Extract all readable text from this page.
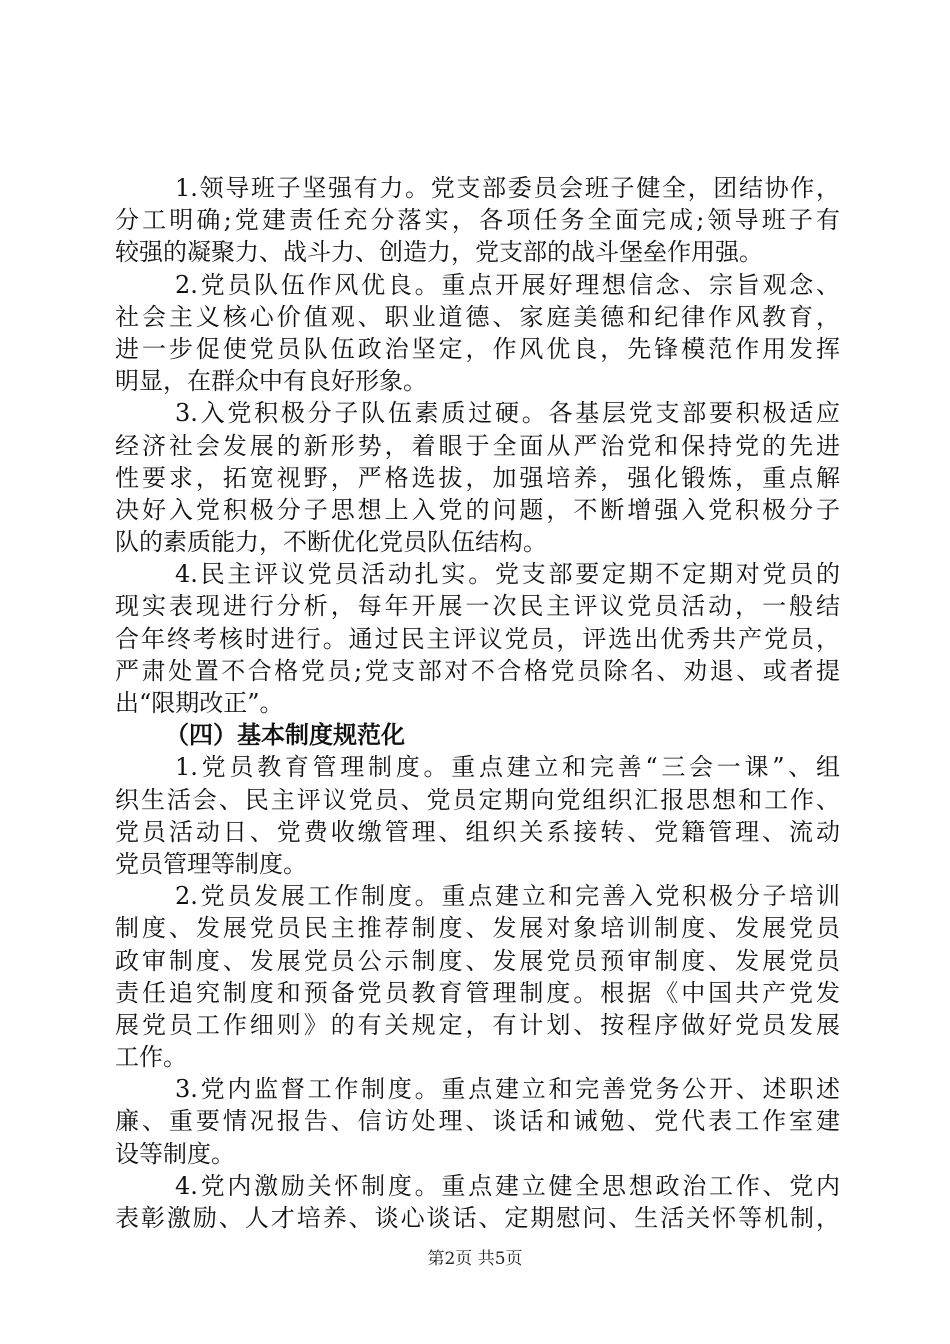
1.领导班子坚强有力。党支部委员会班子健全，团结协作，
分工明确;党建责任充分落实，各项任务全面完成;领导班子有
较强的凝聚力、战斗力、创造力，党支部的战斗堡垒作用强。
2.党员队伍作风优良。重点开展好理想信念、宗旨观念、
社会主义核心价值观、职业道德、家庭美德和纪律作风教育，
进一步促使党员队伍政治坚定，作风优良，先锋模范作用发挥
明显，在群众中有良好形象。
3.入党积极分子队伍素质过硬。各基层党支部要积极适应
经济社会发展的新形势，着眼于全面从严治党和保持党的先进
性要求，拓宽视野，严格选拔，加强培养，强化锻炼，重点解
决好入党积极分子思想上入党的问题，不断增强入党积极分子
队的素质能力，不断优化党员队伍结构。
4.民主评议党员活动扎实。党支部要定期不定期对党员的
现实表现进行分析，每年开展一次民主评议党员活动，一般结
合年终考核时进行。通过民主评议党员，评选出优秀共产党员，
严肃处置不合格党员;党支部对不合格党员除名、劝退、或者提
出“限期改正”。
（四）基本制度规范化
1.党员教育管理制度。重点建立和完善“三会一课”、组
织生活会、民主评议党员、党员定期向党组织汇报思想和工作、
党员活动日、党费收缴管理、组织关系接转、党籍管理、流动
党员管理等制度。
2.党员发展工作制度。重点建立和完善入党积极分子培训
制度、发展党员民主推荐制度、发展对象培训制度、发展党员
政审制度、发展党员公示制度、发展党员预审制度、发展党员
责任追究制度和预备党员教育管理制度。根据《中国共产党发
展党员工作细则》的有关规定，有计划、按程序做好党员发展
工作。
3.党内监督工作制度。重点建立和完善党务公开、述职述
廉、重要情况报告、信访处理、谈话和诫勉、党代表工作室建
设等制度。
4.党内激励关怀制度。重点建立健全思想政治工作、党内
表彰激励、人才培养、谈心谈话、定期慰问、生活关怀等机制，
第2页 共5页
